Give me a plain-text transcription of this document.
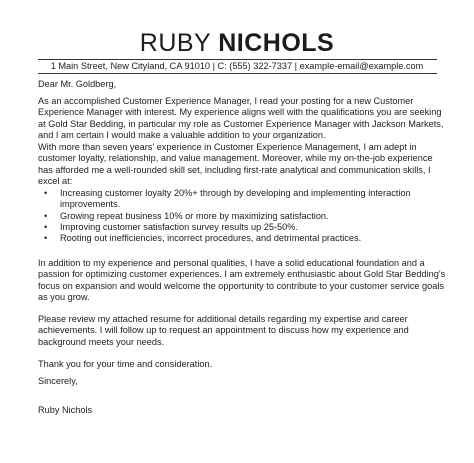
RUBY NICHOLS
1 Main Street, New Cityland, CA 91010 | C: (555) 322-7337 | example-email@example.com

Dear Mr. Goldberg,

As an accomplished Customer Experience Manager, I read your posting for a new Customer Experience Manager with interest. My experience aligns well with the qualifications you are seeking at Gold Star Bedding, in particular my role as Customer Experience Manager with Jackson Markets, and I am certain I would make a valuable addition to your organization.

With more than seven years' experience in Customer Experience Management, I am adept in customer loyalty, relationship, and value management. Moreover, while my on-the-job experience has afforded me a well-rounded skill set, including first-rate analytical and communication skills, I excel at:

• Increasing customer loyalty 20%+ through by developing and implementing interaction improvements.
• Growing repeat business 10% or more by maximizing satisfaction.
• Improving customer satisfaction survey results up 25-50%.
• Rooting out inefficiencies, incorrect procedures, and detrimental practices.

In addition to my experience and personal qualities, I have a solid educational foundation and a passion for optimizing customer experiences. I am extremely enthusiastic about Gold Star Bedding's focus on expansion and would welcome the opportunity to contribute to your customer service goals as you grow.

Please review my attached resume for additional details regarding my expertise and career achievements. I will follow up to request an appointment to discuss how my experience and background meets your needs.

Thank you for your time and consideration.

Sincerely,

Ruby Nichols
